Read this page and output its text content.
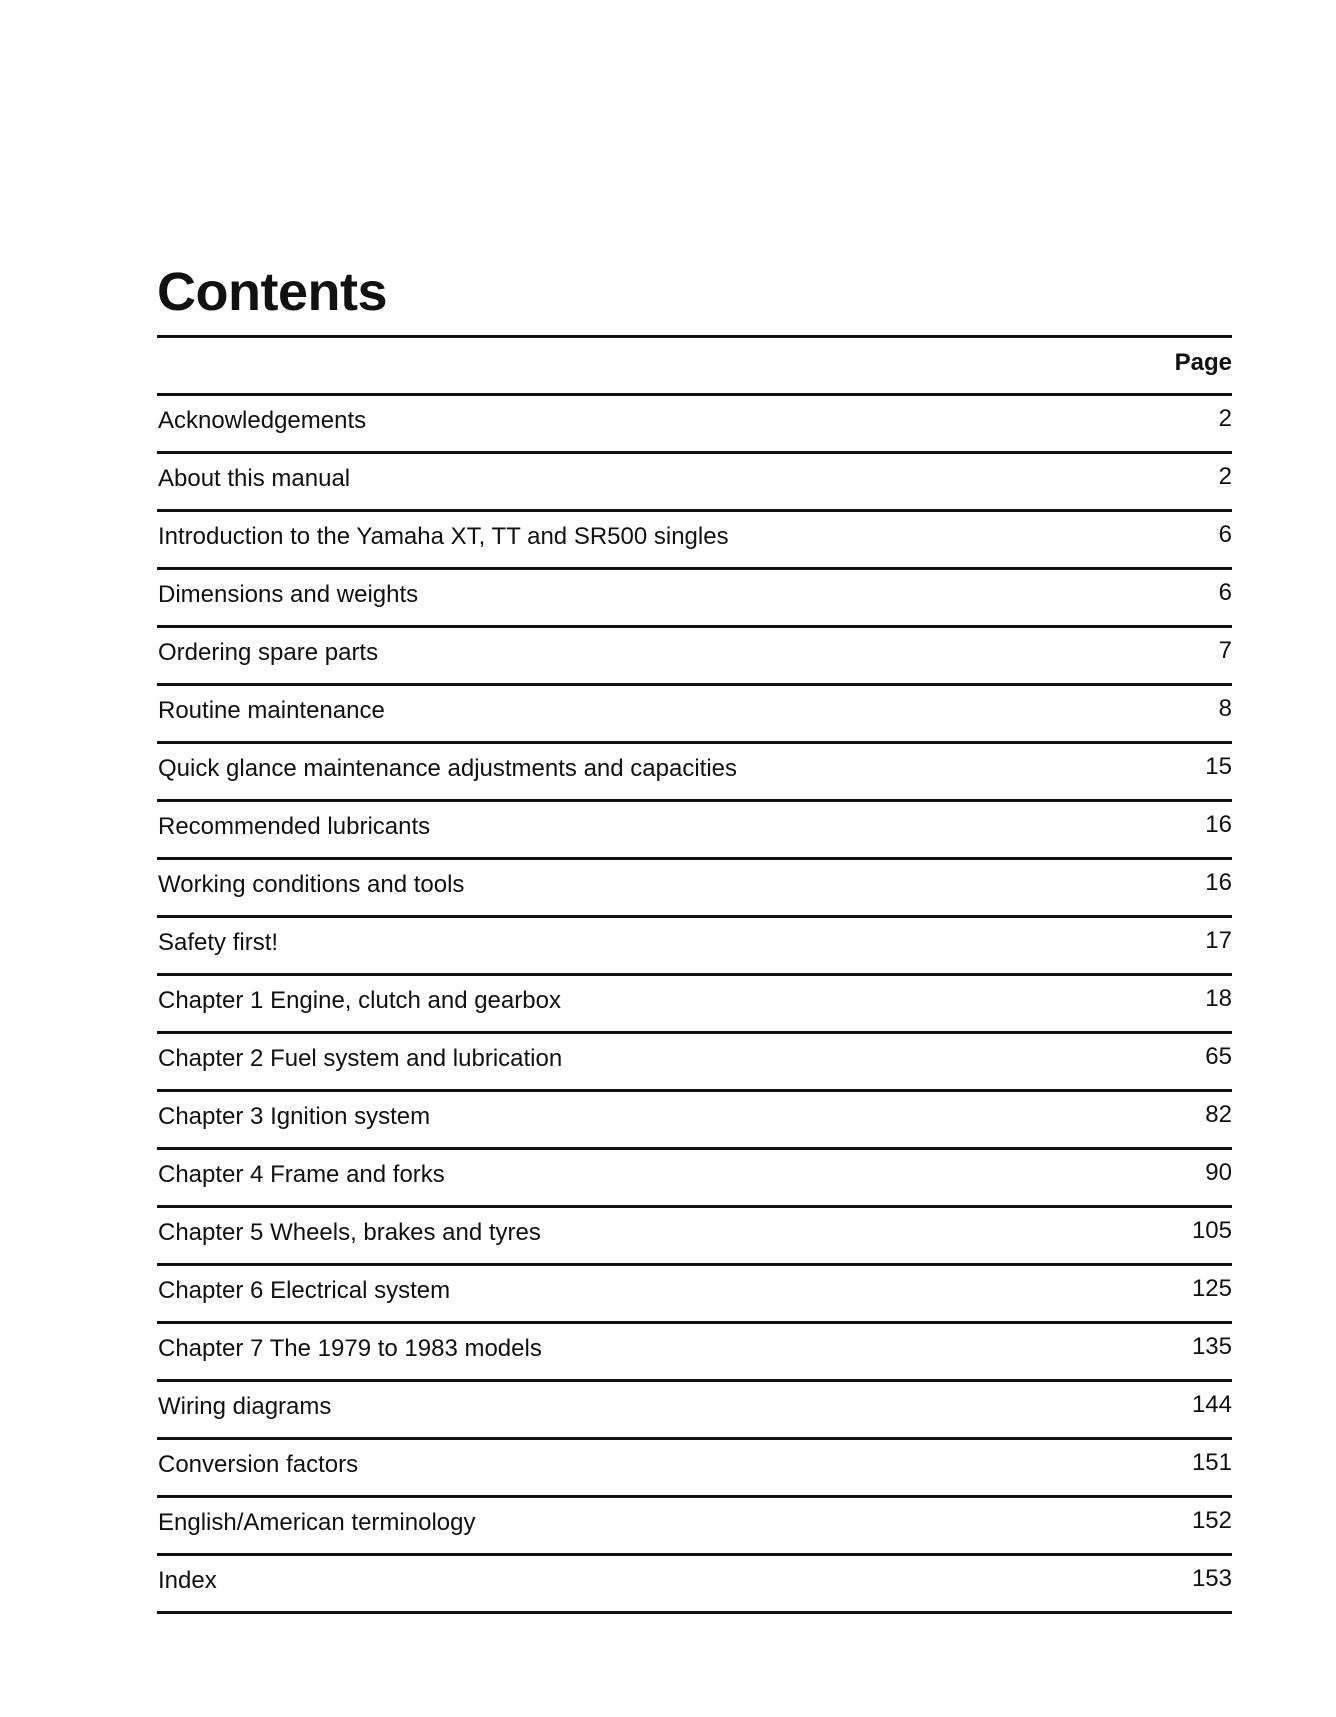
Contents
Page
Acknowledgements	2
About this manual	2
Introduction to the Yamaha XT, TT and SR500 singles	6
Dimensions and weights	6
Ordering spare parts	7
Routine maintenance	8
Quick glance maintenance adjustments and capacities	15
Recommended lubricants	16
Working conditions and tools	16
Safety first!	17
Chapter 1 Engine, clutch and gearbox	18
Chapter 2 Fuel system and lubrication	65
Chapter 3 Ignition system	82
Chapter 4 Frame and forks	90
Chapter 5 Wheels, brakes and tyres	105
Chapter 6 Electrical system	125
Chapter 7 The 1979 to 1983 models	135
Wiring diagrams	144
Conversion factors	151
English/American terminology	152
Index	153
